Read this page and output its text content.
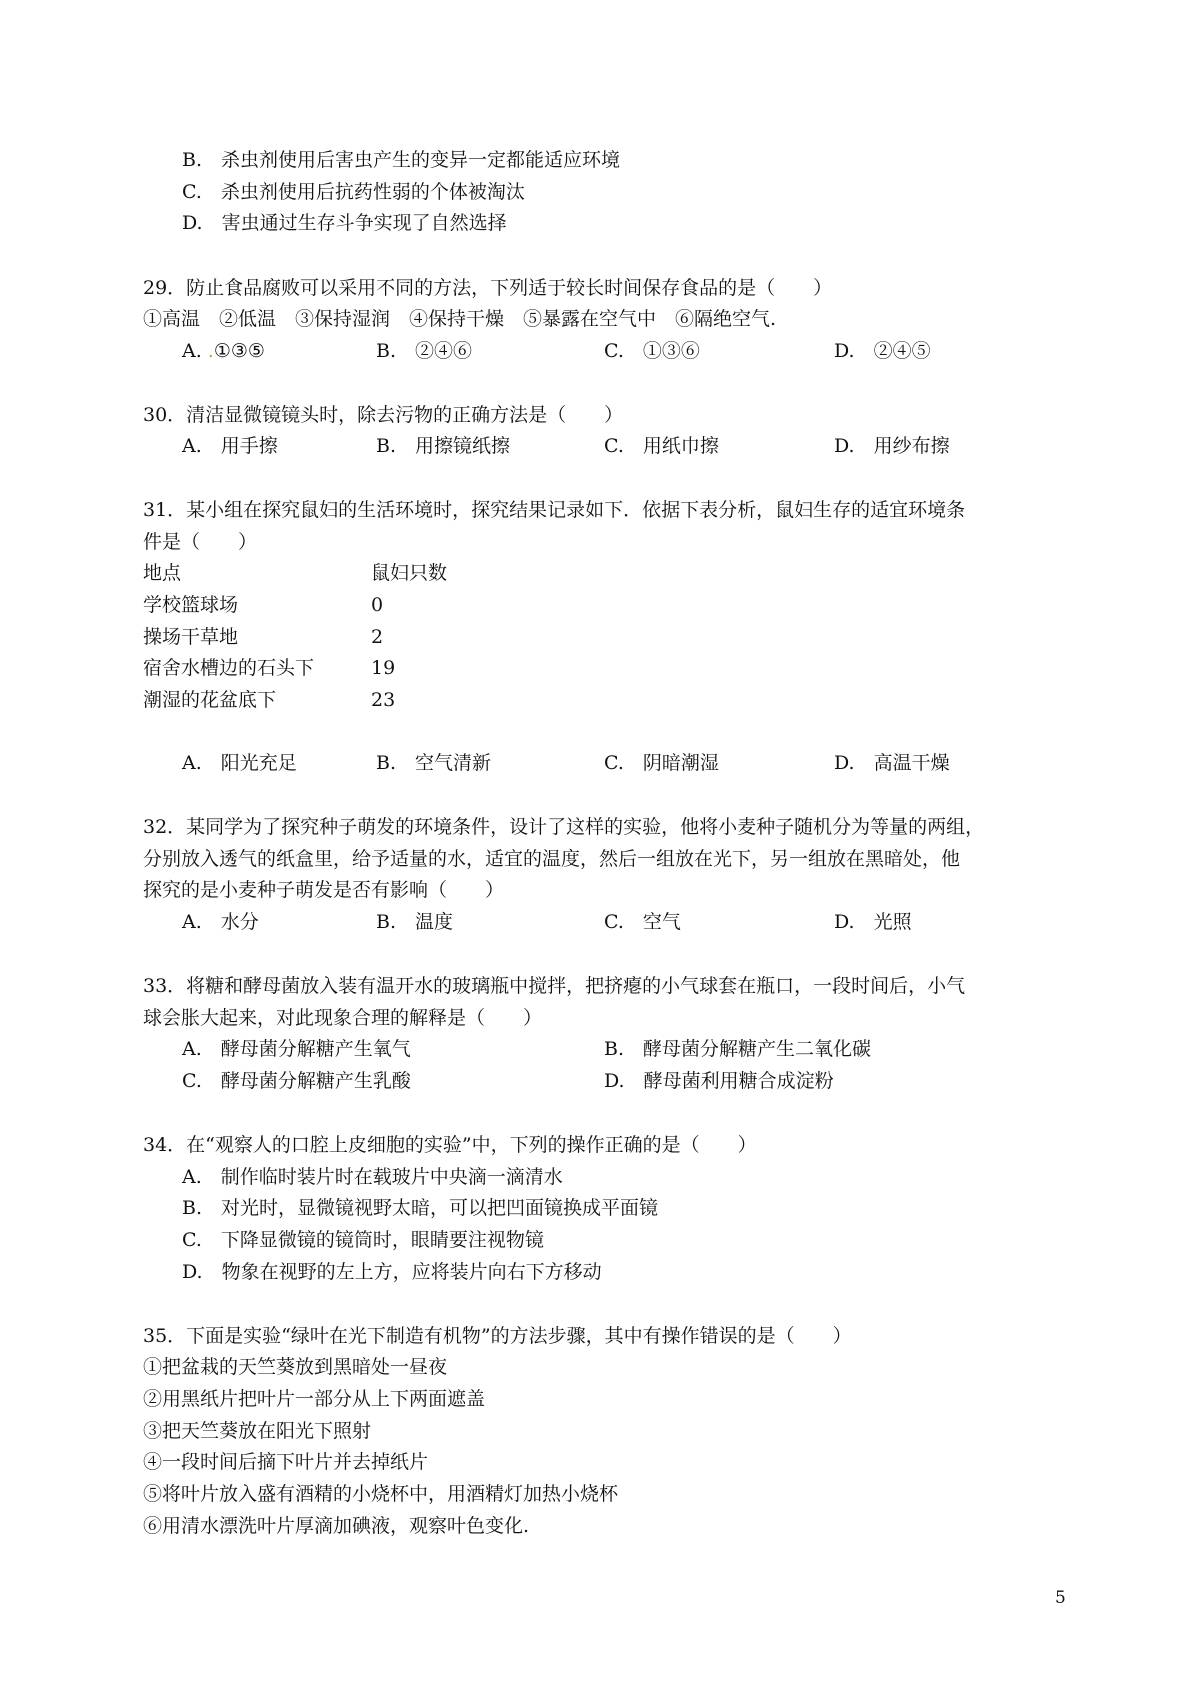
B.　杀虫剂使用后害虫产生的变异一定都能适应环境
C.　杀虫剂使用后抗药性弱的个体被淘汰
D.　害虫通过生存斗争实现了自然选择
29．防止食品腐败可以采用不同的方法，下列适于较长时间保存食品的是（　　）
①高温　②低温　③保持湿润　④保持干燥　⑤暴露在空气中　⑥隔绝空气.
A. .①③⑤	B.　②④⑥	C.　①③⑥	D.　②④⑤
30．清洁显微镜镜头时，除去污物的正确方法是（　　）
A.　用手擦	B.　用擦镜纸擦	C.　用纸巾擦	D.　用纱布擦
31．某小组在探究鼠妇的生活环境时，探究结果记录如下．依据下表分析，鼠妇生存的适宜环境条
件是（　　）
地点	鼠妇只数
学校篮球场	0
操场干草地	2
宿舍水槽边的石头下	19
潮湿的花盆底下	23
A.　阳光充足	B.　空气清新	C.　阴暗潮湿	D.　高温干燥
32．某同学为了探究种子萌发的环境条件，设计了这样的实验，他将小麦种子随机分为等量的两组，
分别放入透气的纸盒里，给予适量的水，适宜的温度，然后一组放在光下，另一组放在黑暗处，他
探究的是小麦种子萌发是否有影响（　　）
A.　水分	B.　温度	C.　空气	D.　光照
33．将糖和酵母菌放入装有温开水的玻璃瓶中搅拌，把挤瘪的小气球套在瓶口，一段时间后，小气
球会胀大起来，对此现象合理的解释是（　　）
A.　酵母菌分解糖产生氧气	B.　酵母菌分解糖产生二氧化碳
C.　酵母菌分解糖产生乳酸	D.　酵母菌利用糖合成淀粉
34．在“观察人的口腔上皮细胞的实验”中，下列的操作正确的是（　　）
A.　制作临时装片时在载玻片中央滴一滴清水
B.　对光时，显微镜视野太暗，可以把凹面镜换成平面镜
C.　下降显微镜的镜筒时，眼睛要注视物镜
D.　物象在视野的左上方，应将装片向右下方移动
35．下面是实验“绿叶在光下制造有机物”的方法步骤，其中有操作错误的是（　　）
①把盆栽的天竺葵放到黑暗处一昼夜
②用黑纸片把叶片一部分从上下两面遮盖
③把天竺葵放在阳光下照射
④一段时间后摘下叶片并去掉纸片
⑤将叶片放入盛有酒精的小烧杯中，用酒精灯加热小烧杯
⑥用清水漂洗叶片厚滴加碘液，观察叶色变化.
5
